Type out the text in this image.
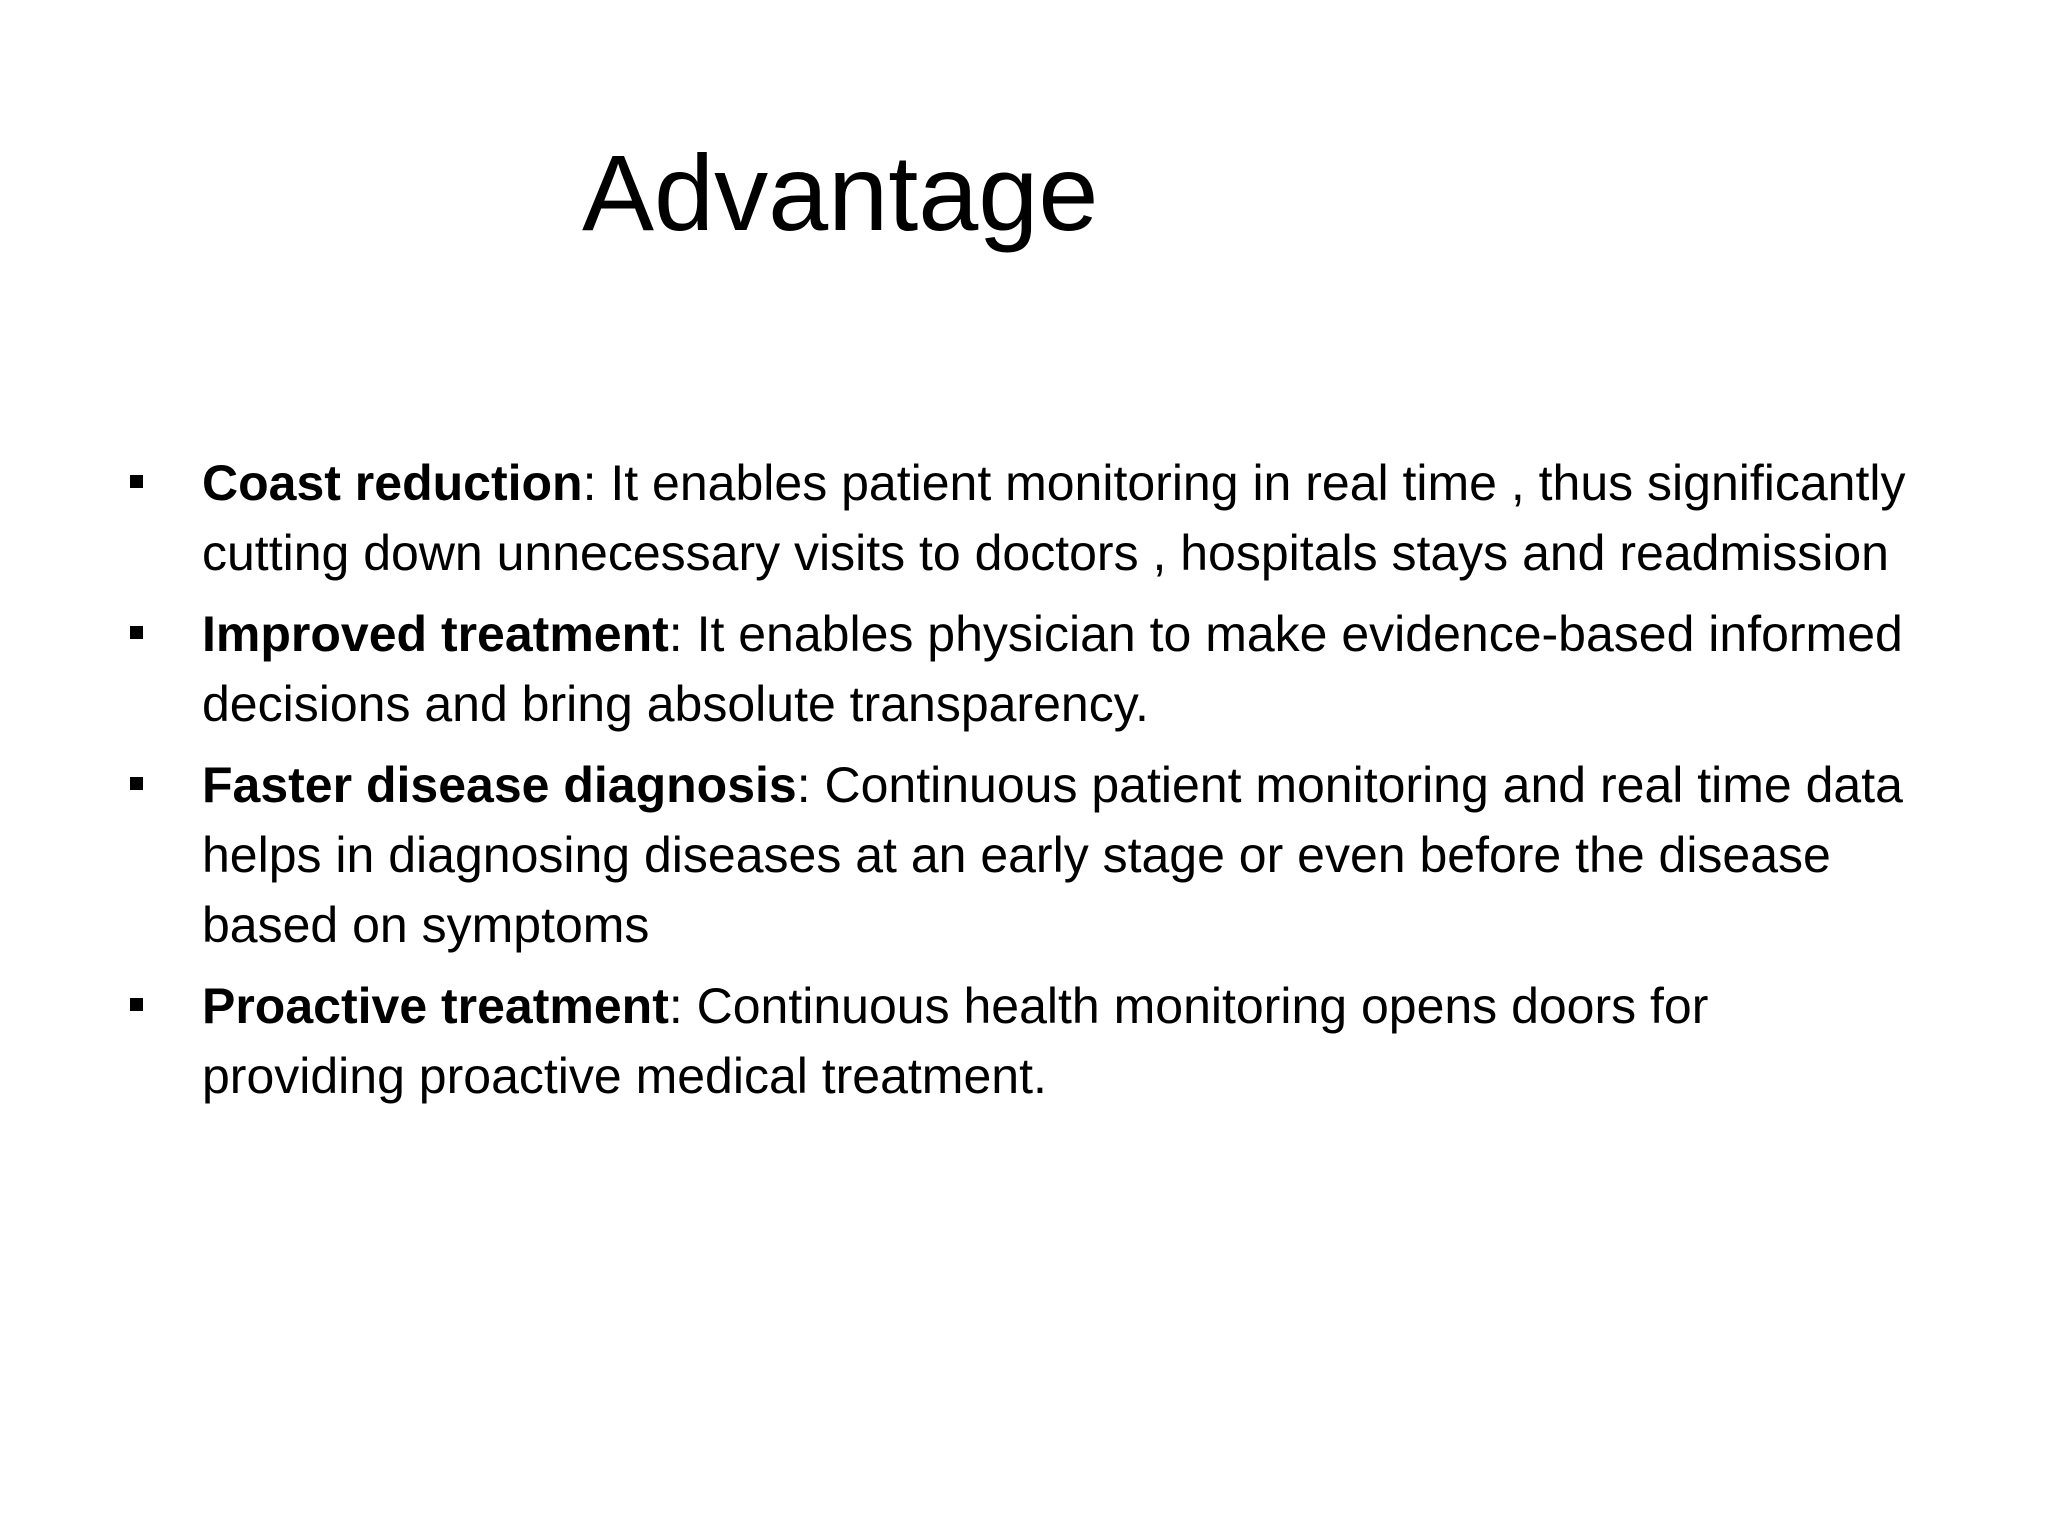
Advantage
Coast reduction: It enables patient monitoring in real time , thus significantly cutting down unnecessary visits to doctors , hospitals stays and readmission
Improved treatment: It enables physician to make evidence-based informed decisions and bring absolute transparency.
Faster disease diagnosis: Continuous patient monitoring and real time data helps in diagnosing diseases at an early stage or even before the disease based on symptoms
Proactive treatment: Continuous health monitoring opens doors for providing proactive medical treatment.
